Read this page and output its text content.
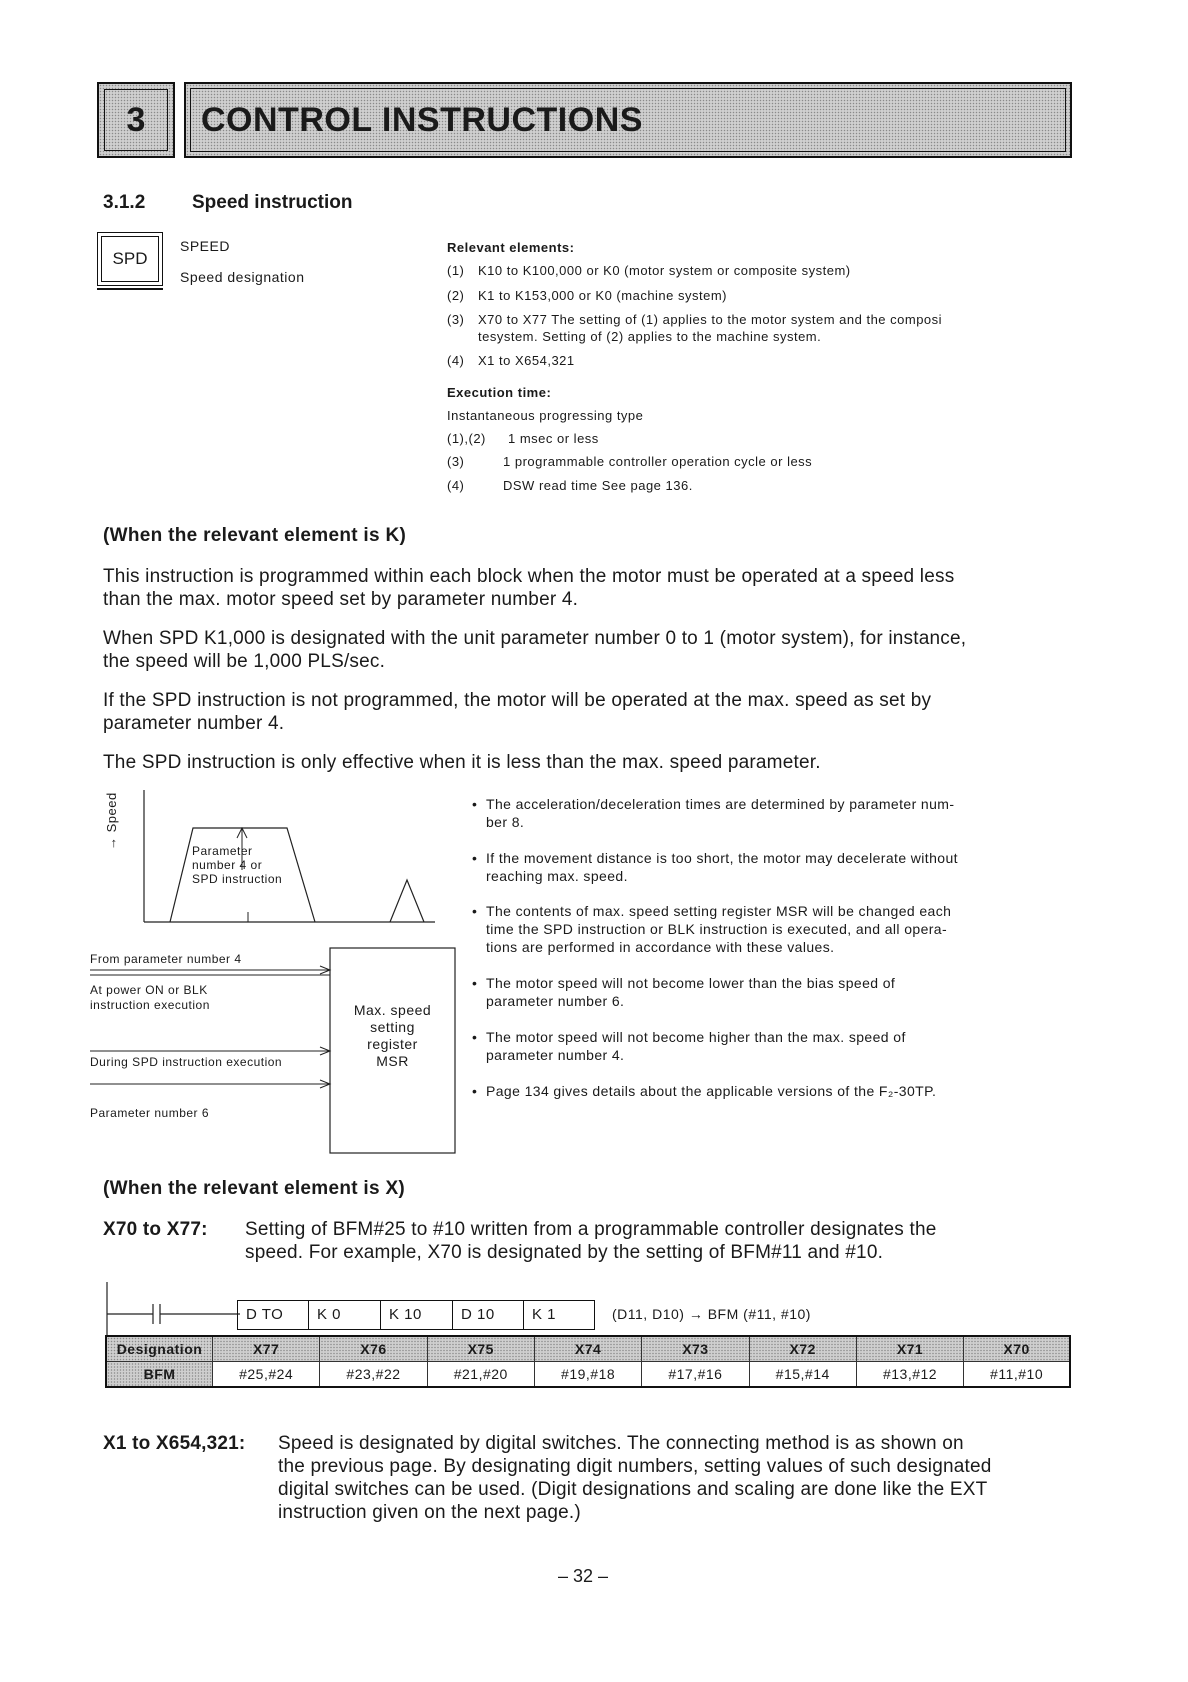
3	CONTROL INSTRUCTIONS
3.1.2 Speed instruction
SPD
SPEED
Speed designation
Relevant elements:
(1) K10 to K100,000 or K0 (motor system or composite system)
(2) K1 to K153,000 or K0 (machine system)
(3) X70 to X77 The setting of (1) applies to the motor system and the composi
tesystem. Setting of (2) applies to the machine system.
(4) X1 to X654,321
Execution time:
Instantaneous progressing type
(1),(2) 1 msec or less
(3)	1 programmable controller operation cycle or less
(4)	DSW read time See page 136.
(When the relevant element is K)
This instruction is programmed within each block when the motor must be operated at a speed less
than the max. motor speed set by parameter number 4.
When SPD K1,000 is designated with the unit parameter number 0 to 1 (motor system), for instance,
the speed will be 1,000 PLS/sec.
If the SPD instruction is not programmed, the motor will be operated at the max. speed as set by
parameter number 4.
The SPD instruction is only effective when it is less than the max. speed parameter.
→ Speed
Parameter
number 4 or
SPD instruction
From parameter number 4
At power ON or BLK
instruction execution
During SPD instruction execution
Parameter number 6
Max. speed
setting
register
MSR
• The acceleration/deceleration times are determined by parameter num-
ber 8.
• If the movement distance is too short, the motor may decelerate without
reaching max. speed.
• The contents of max. speed setting register MSR will be changed each
time the SPD instruction or BLK instruction is executed, and all opera-
tions are performed in accordance with these values.
• The motor speed will not become lower than the bias speed of
parameter number 6.
• The motor speed will not become higher than the max. speed of
parameter number 4.
• Page 134 gives details about the applicable versions of the F₂-30TP.
(When the relevant element is X)
X70 to X77: Setting of BFM#25 to #10 written from a programmable controller designates the
speed. For example, X70 is designated by the setting of BFM#11 and #10.
D TO	K 0	K 10	D 10	K 1	(D11, D10) → BFM (#11, #10)
Designation	X77	X76	X75	X74	X73	X72	X71	X70
BFM	#25,#24	#23,#22	#21,#20	#19,#18	#17,#16	#15,#14	#13,#12	#11,#10
X1 to X654,321: Speed is designated by digital switches. The connecting method is as shown on
the previous page. By designating digit numbers, setting values of such designated
digital switches can be used. (Digit designations and scaling are done like the EXT
instruction given on the next page.)
– 32 –
